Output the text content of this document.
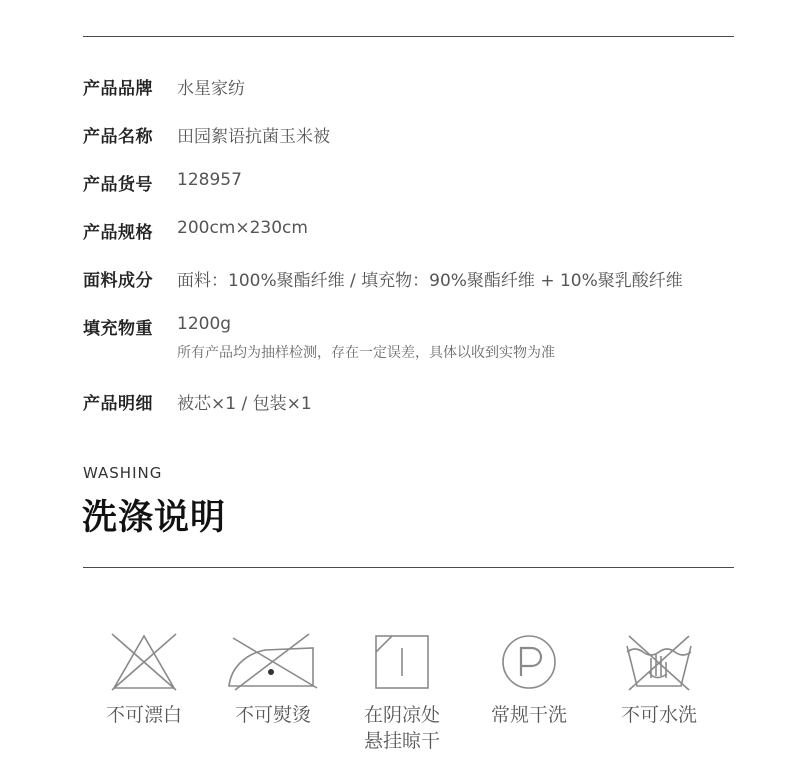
产品品牌 水星家纺
产品名称 田园絮语抗菌玉米被
产品货号 128957
产品规格 200cm×230cm
面料成分 面料：100%聚酯纤维 / 填充物：90%聚酯纤维 + 10%聚乳酸纤维
填充物重 1200g
所有产品均为抽样检测，存在一定误差，具体以收到实物为准
产品明细 被芯×1 / 包装×1
WASHING
洗涤说明
不可漂白	不可熨烫	在阴凉处
悬挂晾干
常规干洗	不可水洗
